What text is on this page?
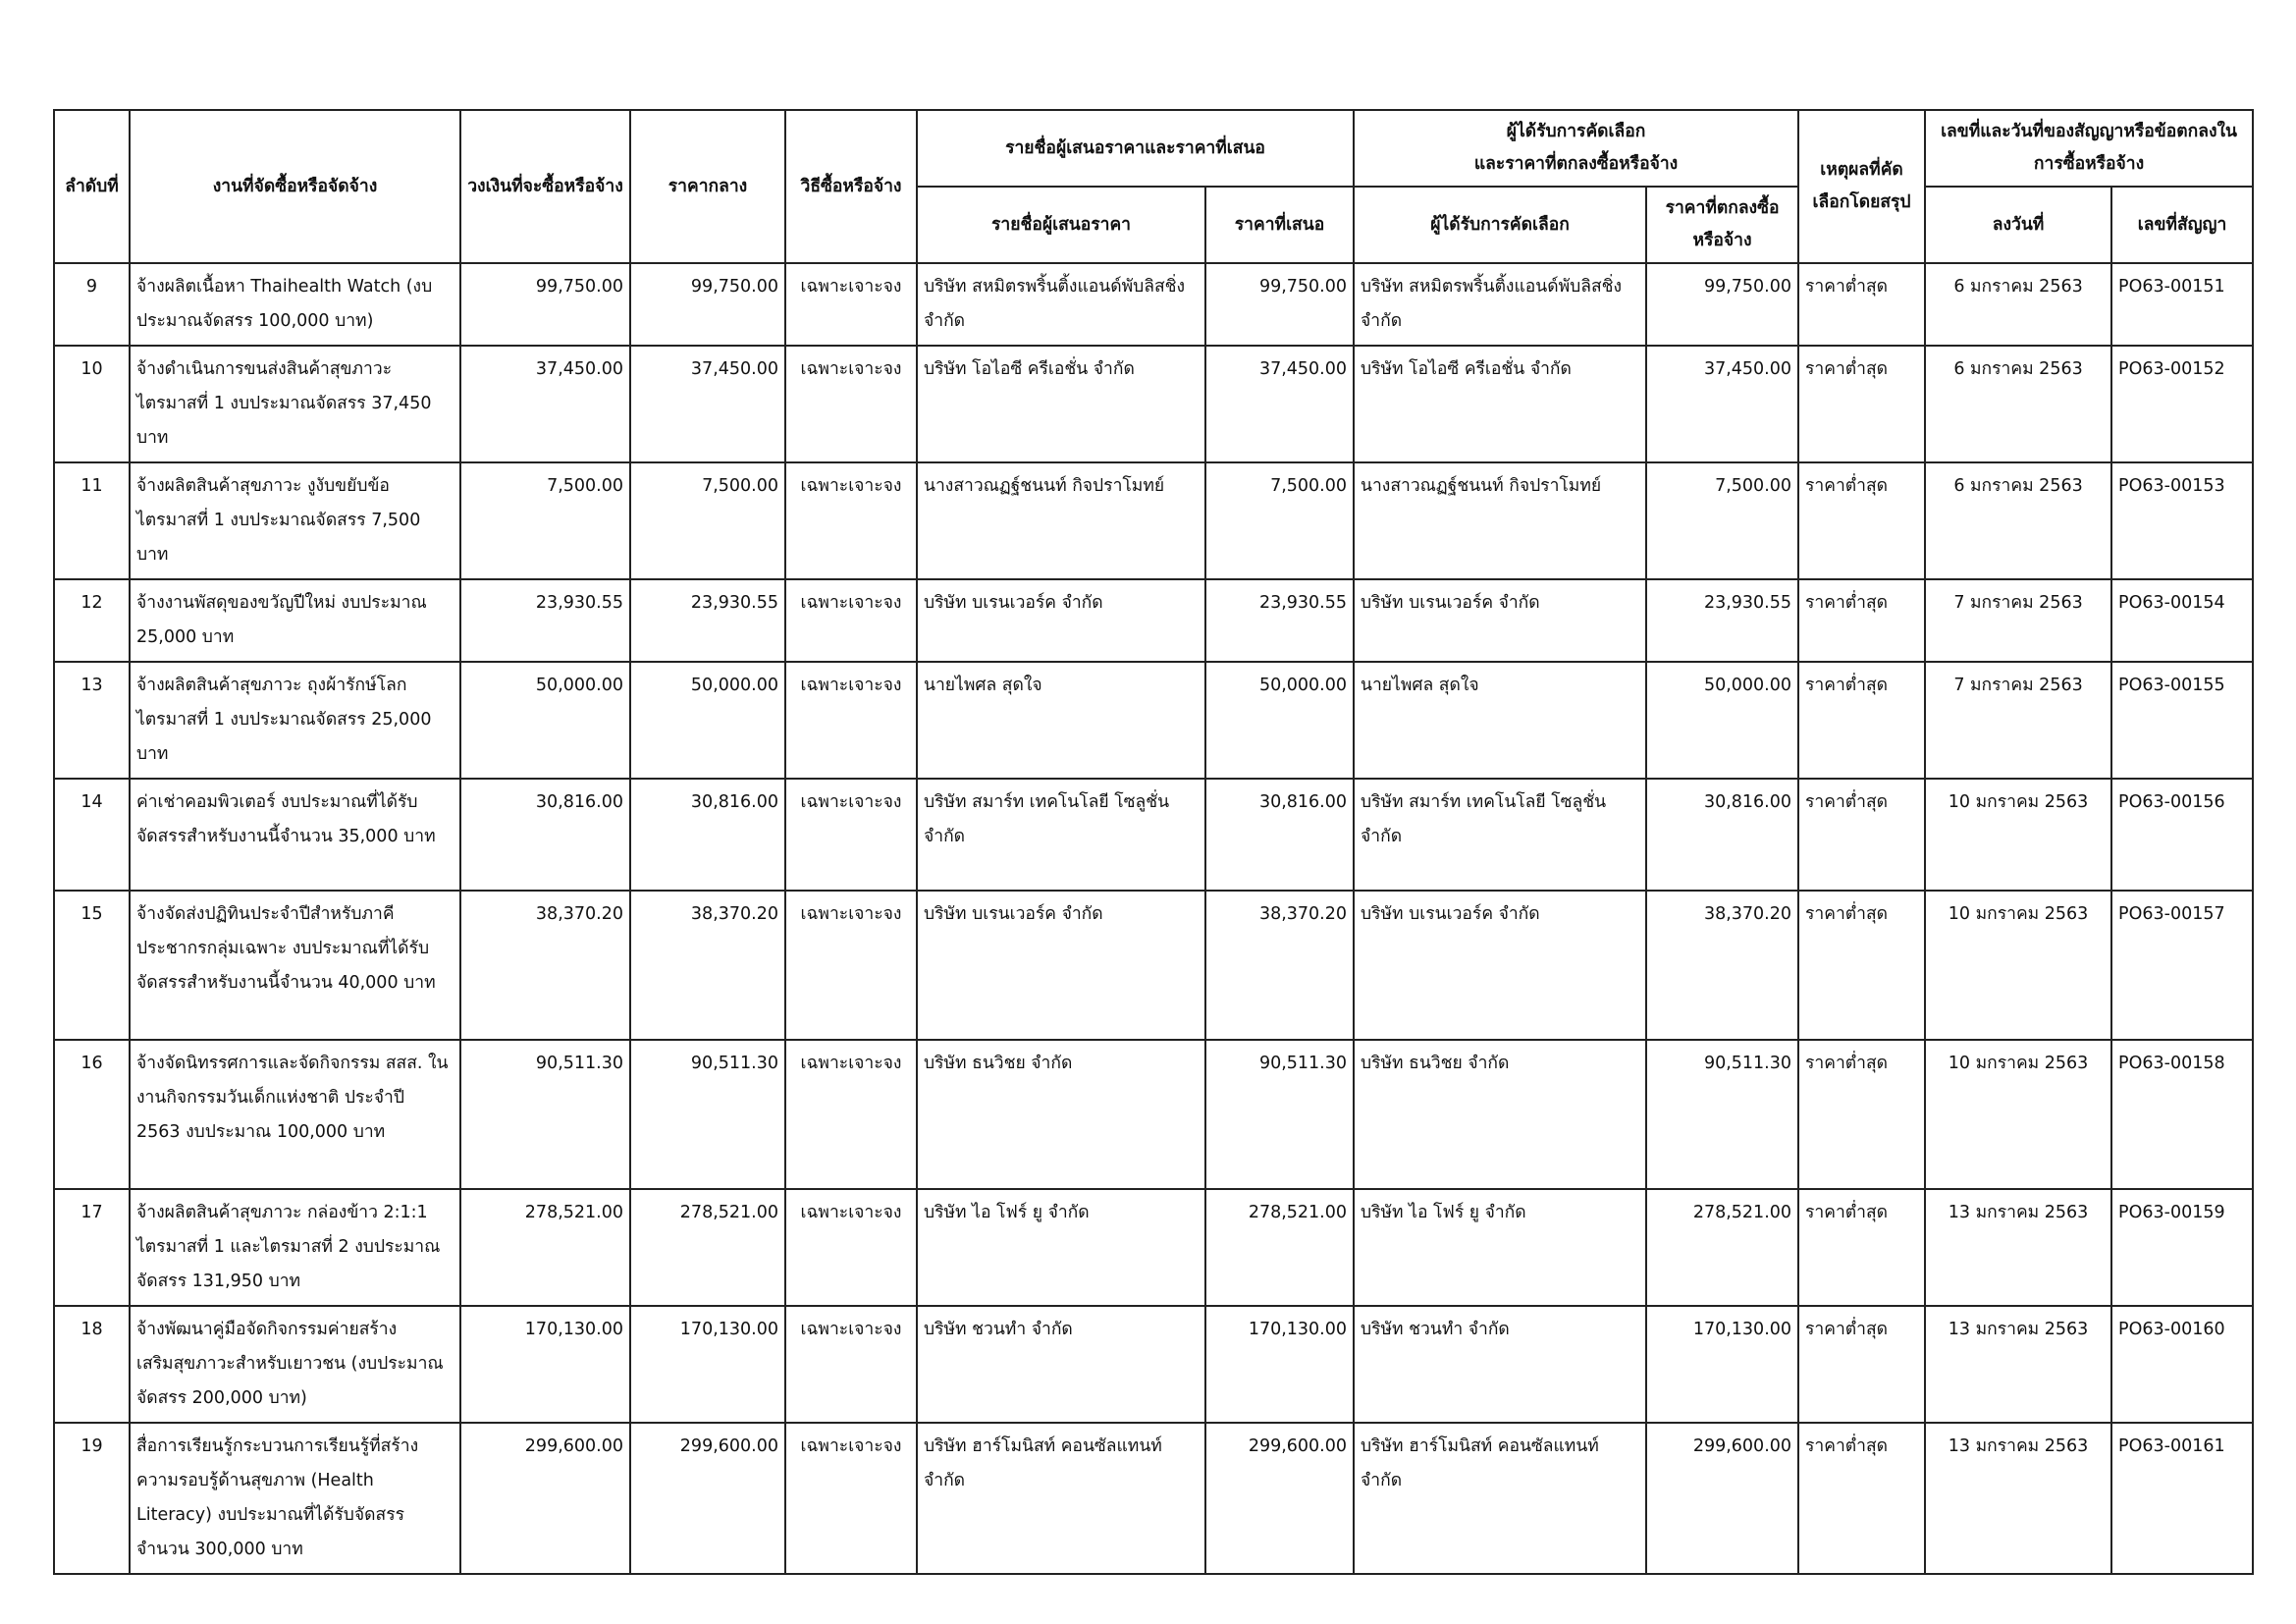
ลำดับที่	งานที่จัดซื้อหรือจัดจ้าง	วงเงินที่จะซื้อหรือจ้าง	ราคากลาง	วิธีซื้อหรือจ้าง	รายชื่อผู้เสนอราคาและราคาที่เสนอ		ผู้ได้รับการคัดเลือก
และราคาที่ตกลงซื้อหรือจ้าง		เหตุผลที่คัดเลือกโดยสรุป	เลขที่และวันที่ของสัญญาหรือข้อตกลงในการซื้อหรือจ้าง	
					รายชื่อผู้เสนอราคา	ราคาที่เสนอ	ผู้ได้รับการคัดเลือก	ราคาที่ตกลงซื้อหรือจ้าง		ลงวันที่	เลขที่สัญญา
9	จ้างผลิตเนื้อหา Thaihealth Watch (งบประมาณจัดสรร 100,000 บาท)	99,750.00	99,750.00	เฉพาะเจาะจง	บริษัท สหมิตรพริ้นติ้งแอนด์พับลิสชิ่ง จำกัด	99,750.00	บริษัท สหมิตรพริ้นติ้งแอนด์พับลิสชิ่ง จำกัด	99,750.00	ราคาต่ำสุด	6 มกราคม 2563	PO63-00151
10	จ้างดำเนินการขนส่งสินค้าสุขภาวะ ไตรมาสที่ 1 งบประมาณจัดสรร 37,450 บาท	37,450.00	37,450.00	เฉพาะเจาะจง	บริษัท โอไอซี ครีเอชั่น จำกัด	37,450.00	บริษัท โอไอซี ครีเอชั่น จำกัด	37,450.00	ราคาต่ำสุด	6 มกราคม 2563	PO63-00152
11	จ้างผลิตสินค้าสุขภาวะ งูงับขยับข้อ ไตรมาสที่ 1 งบประมาณจัดสรร 7,500 บาท	7,500.00	7,500.00	เฉพาะเจาะจง	นางสาวณฏฐ์ชนนท์ กิจปราโมทย์	7,500.00	นางสาวณฏฐ์ชนนท์ กิจปราโมทย์	7,500.00	ราคาต่ำสุด	6 มกราคม 2563	PO63-00153
12	จ้างงานพัสดุของขวัญปีใหม่ งบประมาณ 25,000 บาท	23,930.55	23,930.55	เฉพาะเจาะจง	บริษัท บเรนเวอร์ค จำกัด	23,930.55	บริษัท บเรนเวอร์ค จำกัด	23,930.55	ราคาต่ำสุด	7 มกราคม 2563	PO63-00154
13	จ้างผลิตสินค้าสุขภาวะ ถุงผ้ารักษ์โลก ไตรมาสที่ 1 งบประมาณจัดสรร 25,000 บาท	50,000.00	50,000.00	เฉพาะเจาะจง	นายไพศล สุดใจ	50,000.00	นายไพศล สุดใจ	50,000.00	ราคาต่ำสุด	7 มกราคม 2563	PO63-00155
14	ค่าเช่าคอมพิวเตอร์ งบประมาณที่ได้รับจัดสรรสำหรับงานนี้จำนวน 35,000 บาท	30,816.00	30,816.00	เฉพาะเจาะจง	บริษัท สมาร์ท เทคโนโลยี โซลูชั่น จำกัด	30,816.00	บริษัท สมาร์ท เทคโนโลยี โซลูชั่น จำกัด	30,816.00	ราคาต่ำสุด	10 มกราคม 2563	PO63-00156
15	จ้างจัดส่งปฏิทินประจำปีสำหรับภาคีประชากรกลุ่มเฉพาะ งบประมาณที่ได้รับจัดสรรสำหรับงานนี้จำนวน 40,000 บาท	38,370.20	38,370.20	เฉพาะเจาะจง	บริษัท บเรนเวอร์ค จำกัด	38,370.20	บริษัท บเรนเวอร์ค จำกัด	38,370.20	ราคาต่ำสุด	10 มกราคม 2563	PO63-00157
16	จ้างจัดนิทรรศการและจัดกิจกรรม สสส. ในงานกิจกรรมวันเด็กแห่งชาติ ประจำปี 2563 งบประมาณ 100,000 บาท	90,511.30	90,511.30	เฉพาะเจาะจง	บริษัท ธนวิชย จำกัด	90,511.30	บริษัท ธนวิชย จำกัด	90,511.30	ราคาต่ำสุด	10 มกราคม 2563	PO63-00158
17	จ้างผลิตสินค้าสุขภาวะ กล่องข้าว 2:1:1 ไตรมาสที่ 1 และไตรมาสที่ 2 งบประมาณจัดสรร 131,950 บาท	278,521.00	278,521.00	เฉพาะเจาะจง	บริษัท ไอ โฟร์ ยู จำกัด	278,521.00	บริษัท ไอ โฟร์ ยู จำกัด	278,521.00	ราคาต่ำสุด	13 มกราคม 2563	PO63-00159
18	จ้างพัฒนาคู่มือจัดกิจกรรมค่ายสร้างเสริมสุขภาวะสำหรับเยาวชน (งบประมาณจัดสรร 200,000 บาท)	170,130.00	170,130.00	เฉพาะเจาะจง	บริษัท ชวนทำ จำกัด	170,130.00	บริษัท ชวนทำ จำกัด	170,130.00	ราคาต่ำสุด	13 มกราคม 2563	PO63-00160
19	สื่อการเรียนรู้กระบวนการเรียนรู้ที่สร้างความรอบรู้ด้านสุขภาพ (Health Literacy) งบประมาณที่ได้รับจัดสรรจำนวน 300,000 บาท	299,600.00	299,600.00	เฉพาะเจาะจง	บริษัท ฮาร์โมนิสท์ คอนซัลแทนท์ จำกัด	299,600.00	บริษัท ฮาร์โมนิสท์ คอนซัลแทนท์ จำกัด	299,600.00	ราคาต่ำสุด	13 มกราคม 2563	PO63-00161
